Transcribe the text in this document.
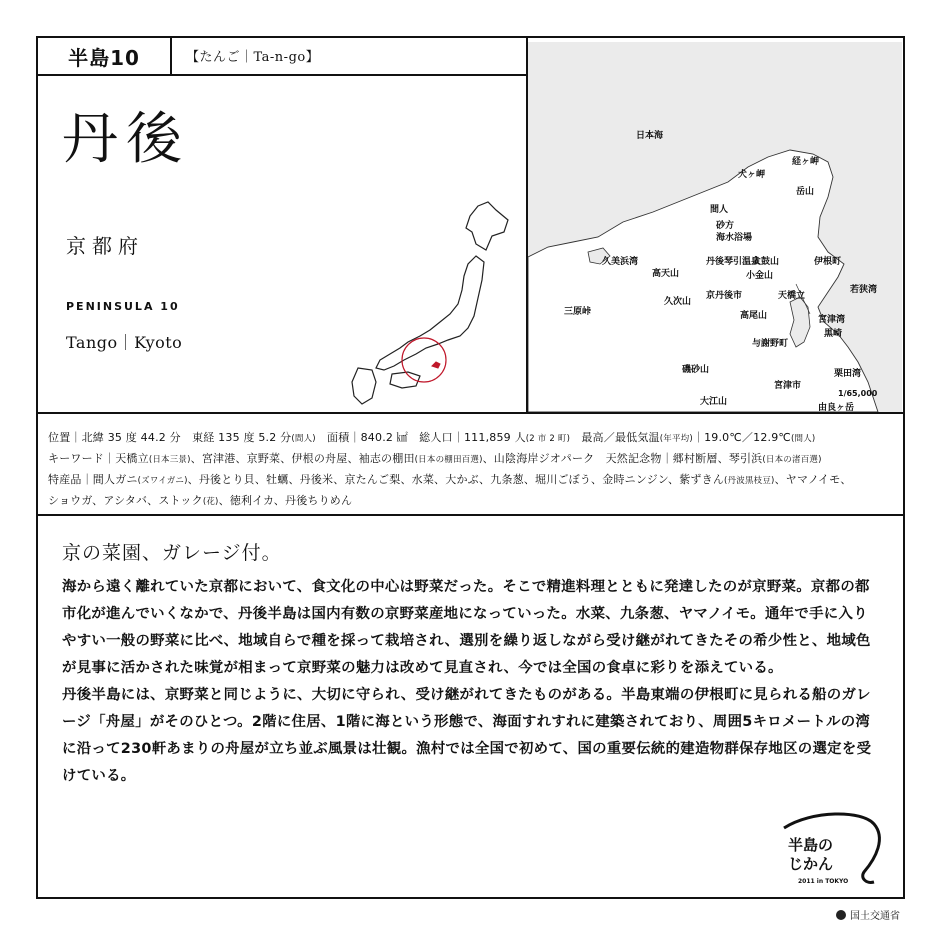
半島10	【たんご｜Ta-n-go】
丹後
京都府
PENINSULA 10
Tango｜Kyoto
日本海
犬ヶ岬
経ヶ岬
岳山
間人
砂方
海水浴場
丹後琴引温泉
太鼓山
小金山
伊根町
久美浜湾
高天山
久次山
京丹後市	天橋立
若狭湾
三原峠	高尾山	宮津湾
与謝野町
黒崎
磯砂山
宮津市
栗田湾
大江山
由良ヶ岳
1/65,000
位置｜北緯 35 度 44.2 分　東経 135 度 5.2 分(間人)　面積｜840.2 ㎢　総人口｜111,859 人(2 市 2 町)　最高／最低気温(年平均)｜19.0℃／12.9℃(間人)
キーワード｜天橋立(日本三景)、宮津港、京野菜、伊根の舟屋、袖志の棚田(日本の棚田百選)、山陰海岸ジオパーク　天然記念物｜郷村断層、琴引浜(日本の渚百選)
特産品｜間人ガニ(ズワイガニ)、丹後とり貝、牡蠣、丹後米、京たんご梨、水菜、大かぶ、九条葱、堀川ごぼう、金時ニンジン、紫ずきん(丹波黒枝豆)、ヤマノイモ、
ショウガ、アシタバ、ストック(花)、徳利イカ、丹後ちりめん
京の菜園、ガレージ付。

海から遠く離れていた京都において、食文化の中心は野菜だった。そこで精進料理とともに発達したのが京野菜。京都の都市化が進んでいくなかで、丹後半島は国内有数の京野菜産地になっていった。水菜、九条葱、ヤマノイモ。通年で手に入りやすい一般の野菜に比べ、地域自らで種を採って栽培され、選別を繰り返しながら受け継がれてきたその希少性と、地域色が見事に活かされた味覚が相まって京野菜の魅力は改めて見直され、今では全国の食卓に彩りを添えている。

丹後半島には、京野菜と同じように、大切に守られ、受け継がれてきたものがある。半島東端の伊根町に見られる船のガレージ「舟屋」がそのひとつ。2階に住居、1階に海という形態で、海面すれすれに建築されており、周囲5キロメートルの湾に沿って230軒あまりの舟屋が立ち並ぶ風景は壮観。漁村では全国で初めて、国の重要伝統的建造物群保存地区の選定を受けている。

半島の
じかん
2011 in TOKYO
国土交通省
